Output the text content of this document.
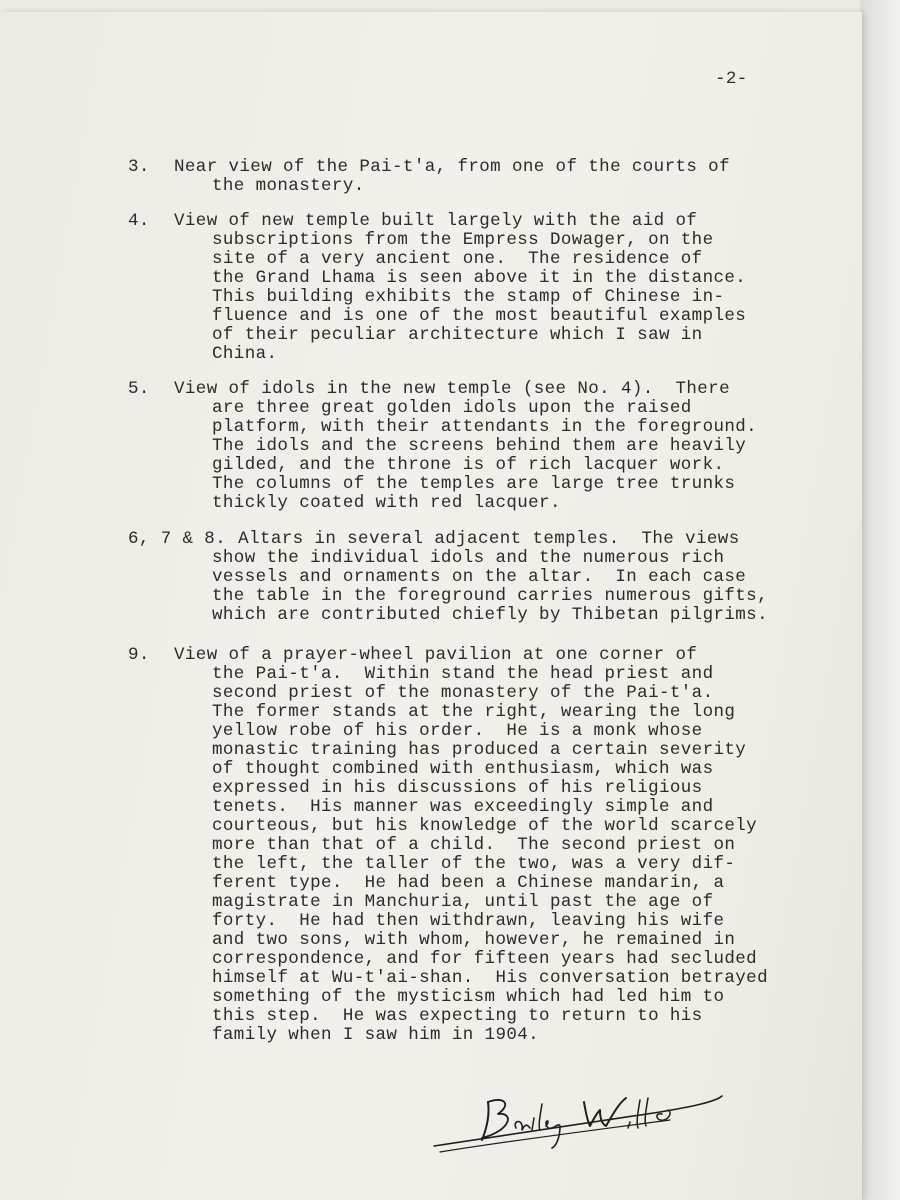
-2-
3. Near view of the Pai-t'a, from one of the courts of
the monastery.
4. View of new temple built largely with the aid of
subscriptions from the Empress Dowager, on the
site of a very ancient one.  The residence of
the Grand Lhama is seen above it in the distance.
This building exhibits the stamp of Chinese in-
fluence and is one of the most beautiful examples
of their peculiar architecture which I saw in
China.
5. View of idols in the new temple (see No. 4).  There
are three great golden idols upon the raised
platform, with their attendants in the foreground.
The idols and the screens behind them are heavily
gilded, and the throne is of rich lacquer work.
The columns of the temples are large tree trunks
thickly coated with red lacquer.
6, 7 & 8. Altars in several adjacent temples.  The views
show the individual idols and the numerous rich
vessels and ornaments on the altar.  In each case
the table in the foreground carries numerous gifts,
which are contributed chiefly by Thibetan pilgrims.
9. View of a prayer-wheel pavilion at one corner of
the Pai-t'a.  Within stand the head priest and
second priest of the monastery of the Pai-t'a.
The former stands at the right, wearing the long
yellow robe of his order.  He is a monk whose
monastic training has produced a certain severity
of thought combined with enthusiasm, which was
expressed in his discussions of his religious
tenets.  His manner was exceedingly simple and
courteous, but his knowledge of the world scarcely
more than that of a child.  The second priest on
the left, the taller of the two, was a very dif-
ferent type.  He had been a Chinese mandarin, a
magistrate in Manchuria, until past the age of
forty.  He had then withdrawn, leaving his wife
and two sons, with whom, however, he remained in
correspondence, and for fifteen years had secluded
himself at Wu-t'ai-shan.  His conversation betrayed
something of the mysticism which had led him to
this step.  He was expecting to return to his
family when I saw him in 1904.
